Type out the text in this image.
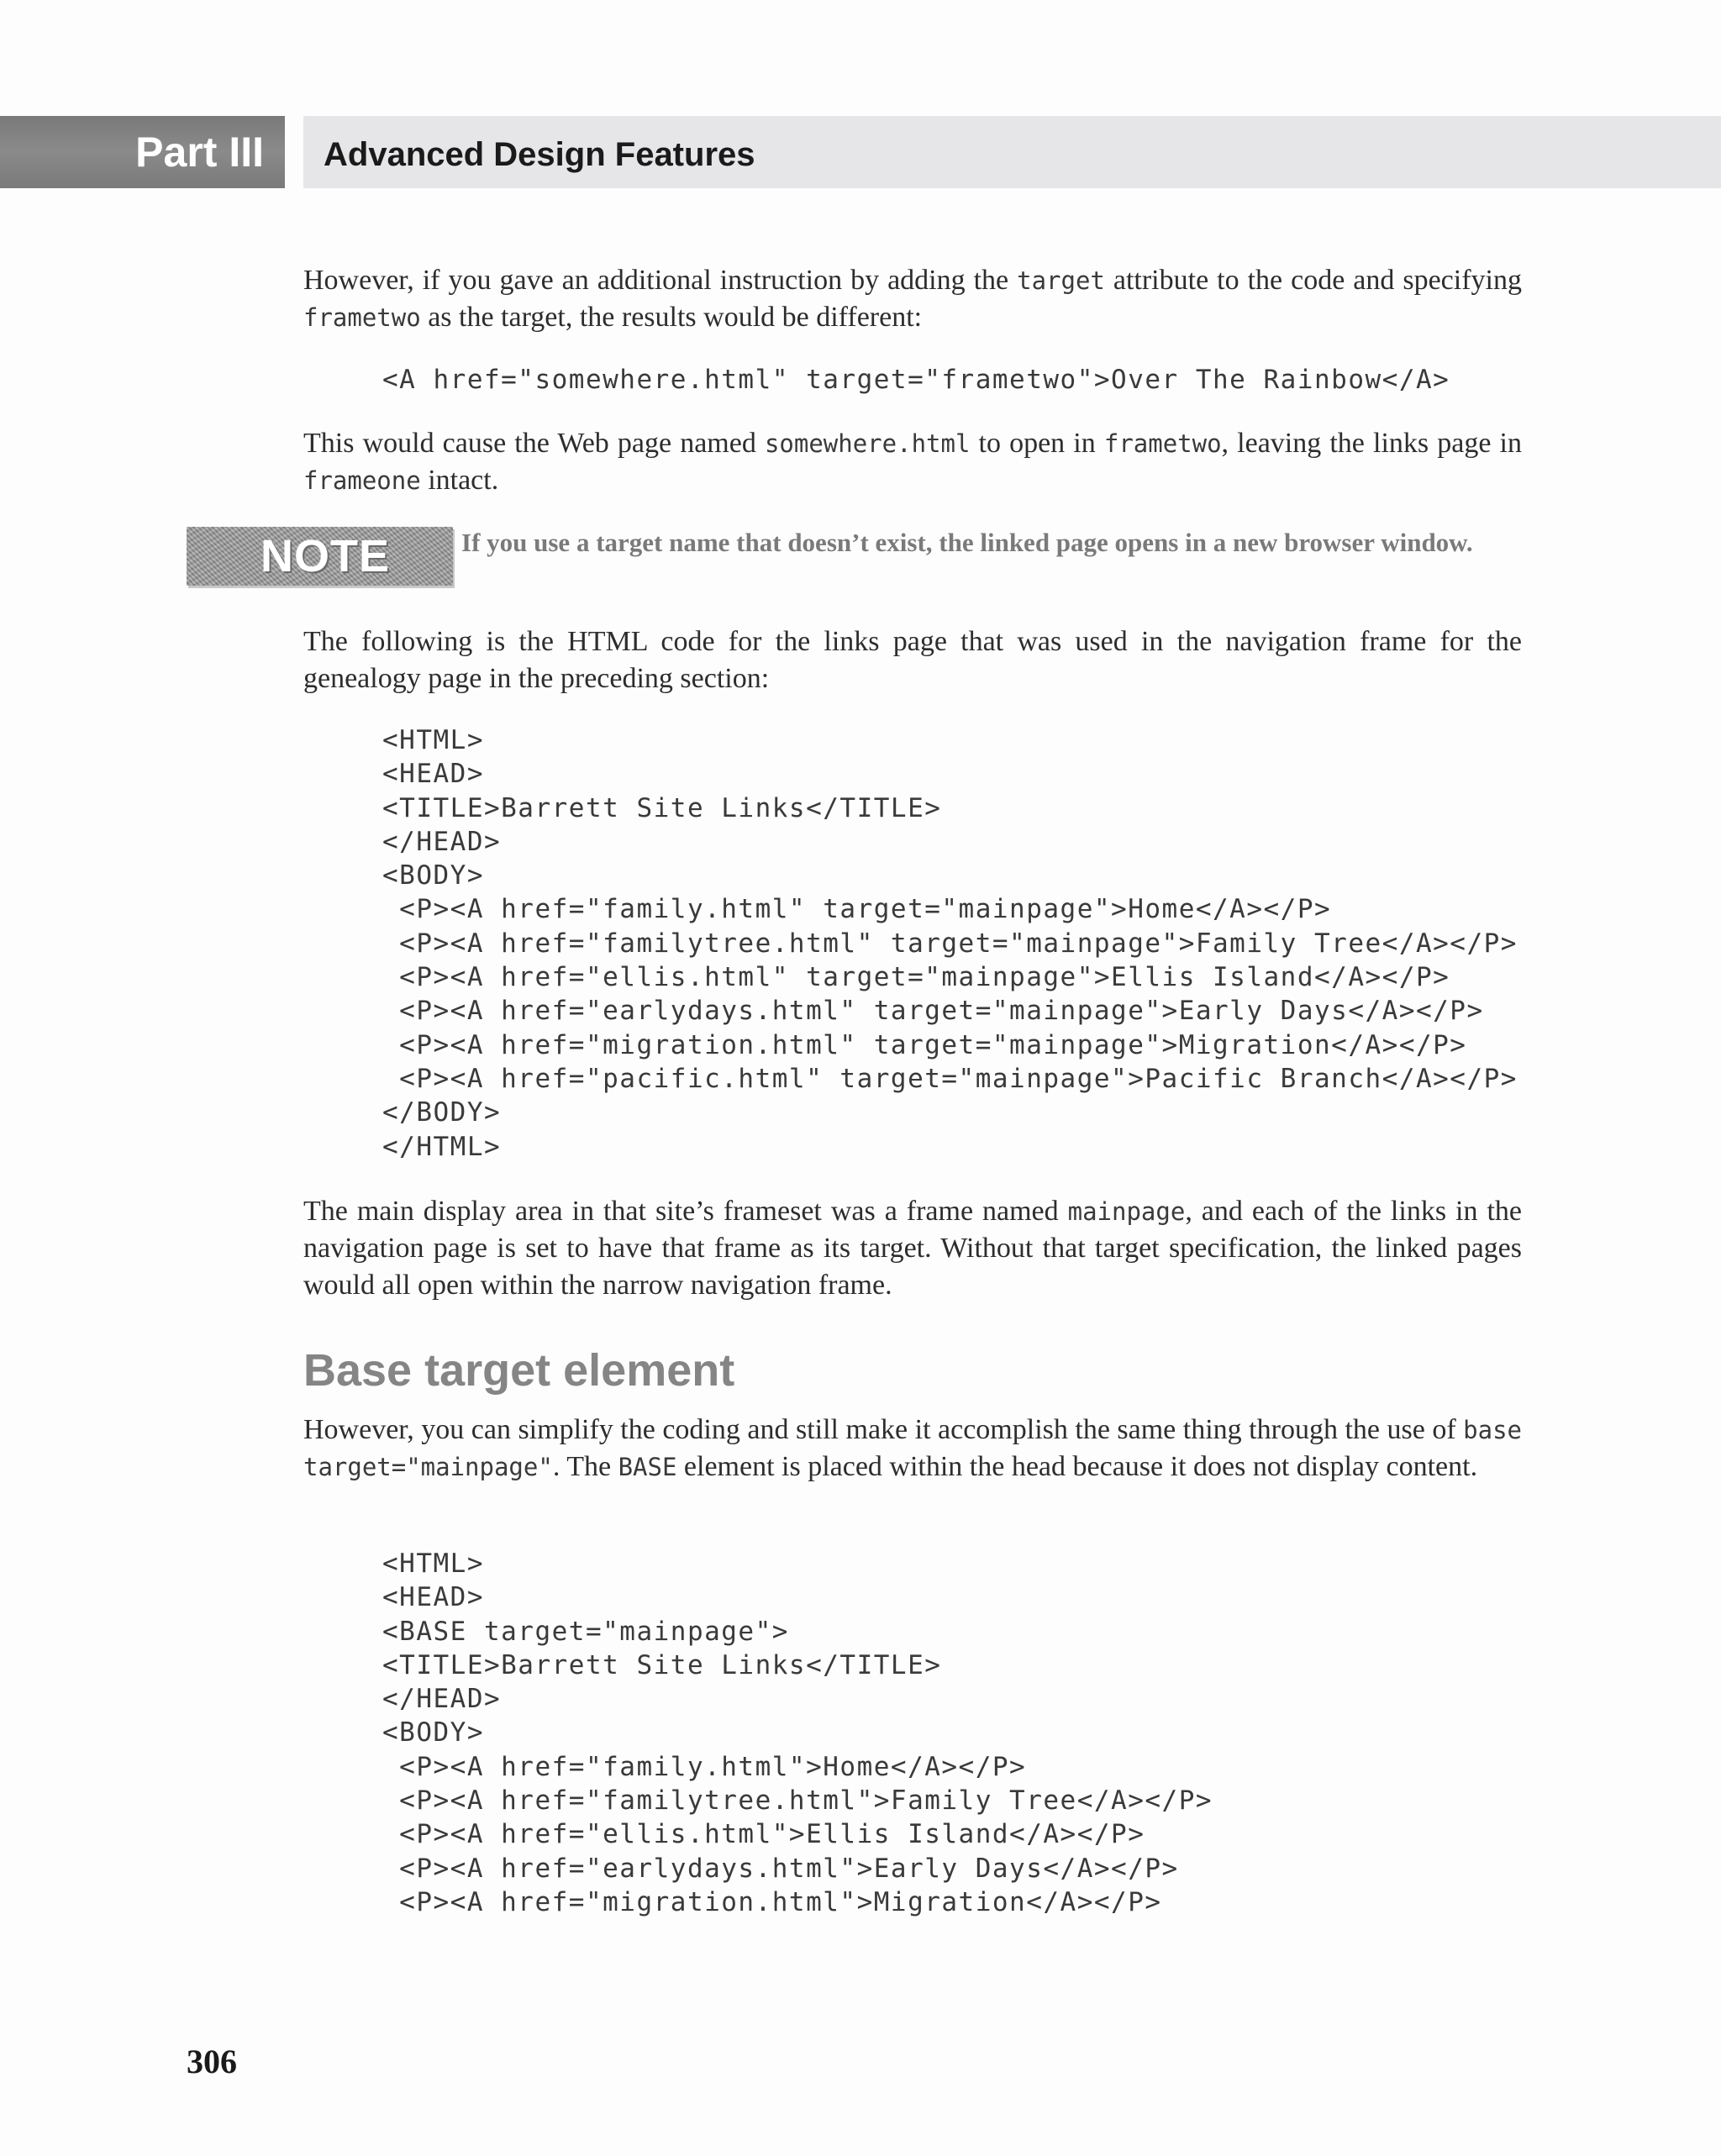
Part III	Advanced Design Features

However, if you gave an additional instruction by adding the target attribute to the code and specifying frametwo as the target, the results would be different:

<A href="somewhere.html" target="frametwo">Over The Rainbow</A>

This would cause the Web page named somewhere.html to open in frametwo, leaving the links page in frameone intact.

NOTE	If you use a target name that doesn’t exist, the linked page opens in a new browser window.

The following is the HTML code for the links page that was used in the navigation frame for the genealogy page in the preceding section:

<HTML>
<HEAD>
<TITLE>Barrett Site Links</TITLE>
</HEAD>
<BODY>
<P><A href="family.html" target="mainpage">Home</A></P>
<P><A href="familytree.html" target="mainpage">Family Tree</A></P>
<P><A href="ellis.html" target="mainpage">Ellis Island</A></P>
<P><A href="earlydays.html" target="mainpage">Early Days</A></P>
<P><A href="migration.html" target="mainpage">Migration</A></P>
<P><A href="pacific.html" target="mainpage">Pacific Branch</A></P>
</BODY>
</HTML>

The main display area in that site’s frameset was a frame named mainpage, and each of the links in the navigation page is set to have that frame as its target. Without that target specification, the linked pages would all open within the narrow navigation frame.

Base target element

However, you can simplify the coding and still make it accomplish the same thing through the use of base target="mainpage". The BASE element is placed within the head because it does not display content.

<HTML>
<HEAD>
<BASE target="mainpage">
<TITLE>Barrett Site Links</TITLE>
</HEAD>
<BODY>
<P><A href="family.html">Home</A></P>
<P><A href="familytree.html">Family Tree</A></P>
<P><A href="ellis.html">Ellis Island</A></P>
<P><A href="earlydays.html">Early Days</A></P>
<P><A href="migration.html">Migration</A></P>

306
